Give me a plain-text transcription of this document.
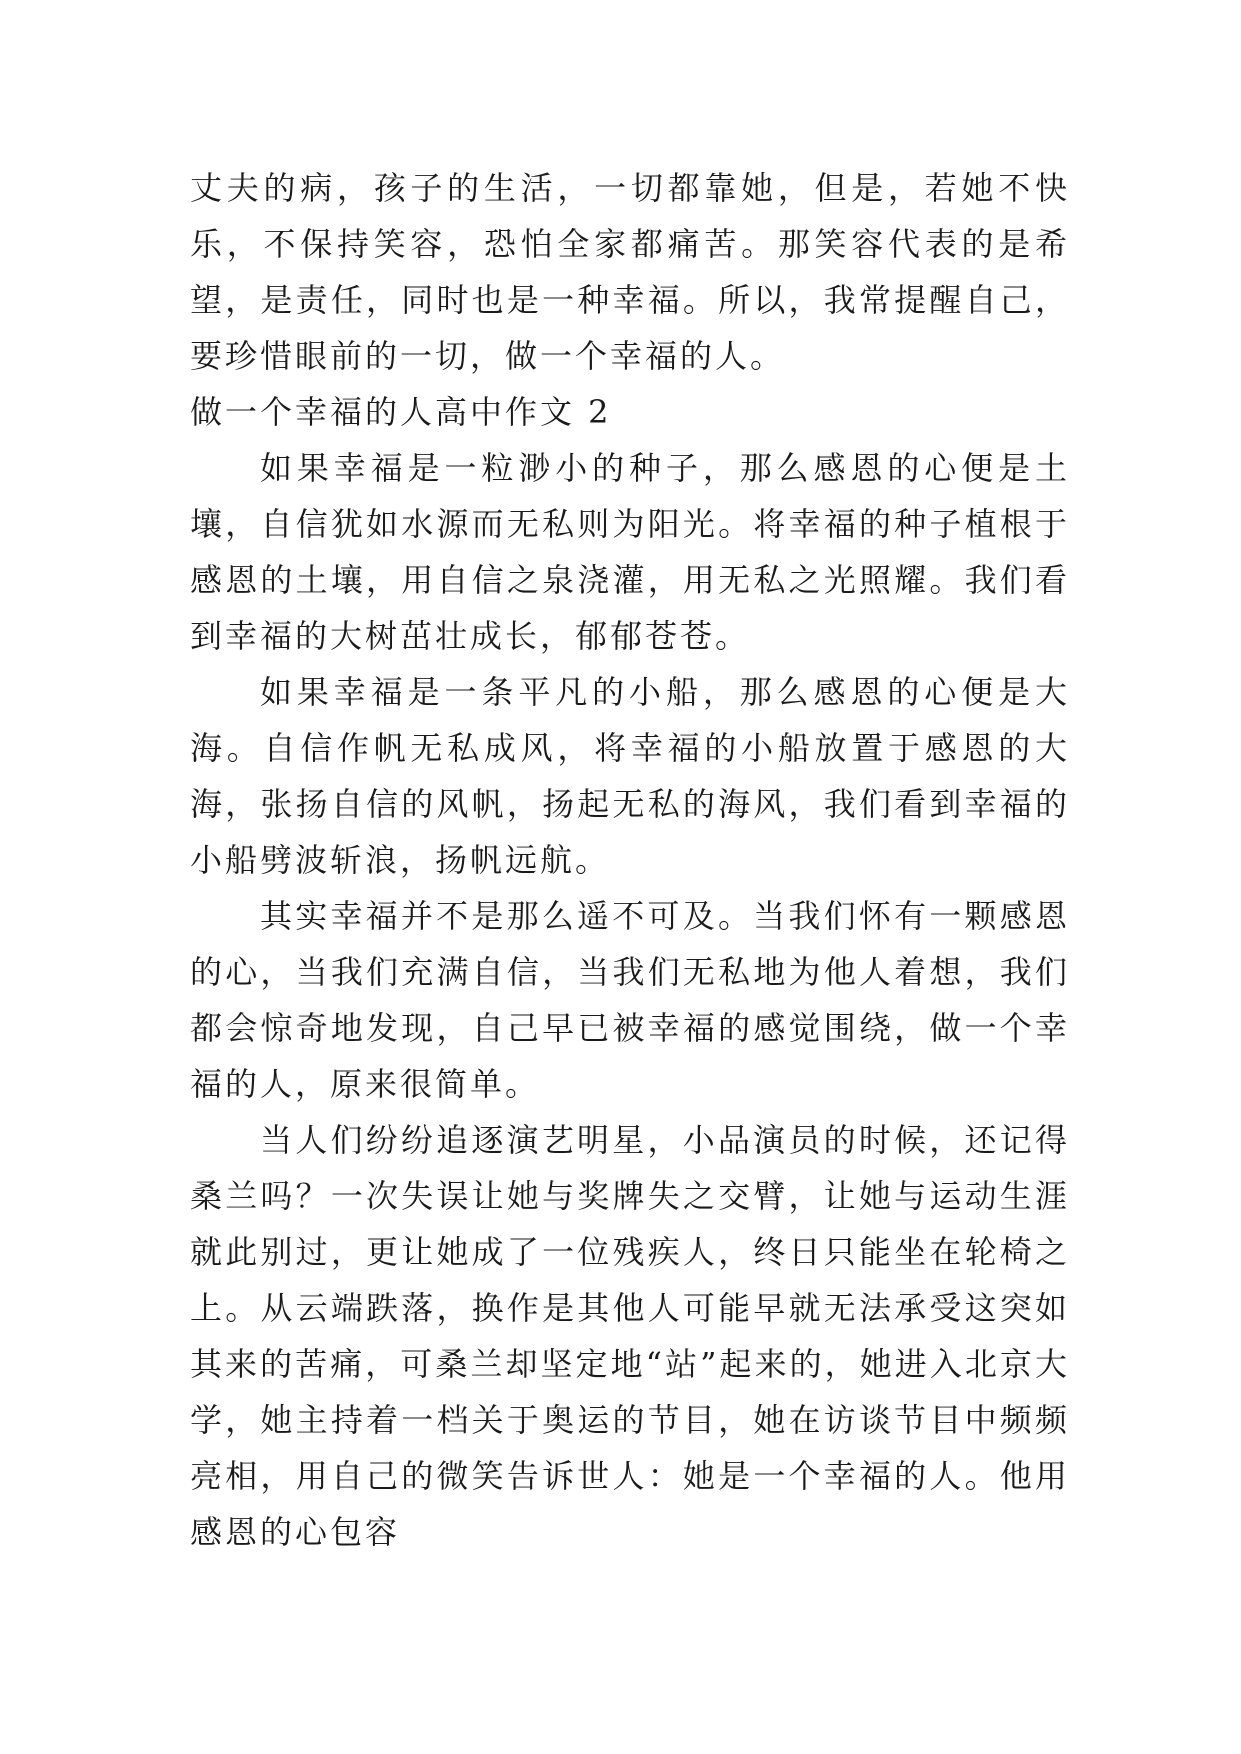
丈夫的病，孩子的生活，一切都靠她，但是，若她不快乐，不保持笑容，恐怕全家都痛苦。那笑容代表的是希望，是责任，同时也是一种幸福。所以，我常提醒自己，要珍惜眼前的一切，做一个幸福的人。

做一个幸福的人高中作文 2

如果幸福是一粒渺小的种子，那么感恩的心便是土壤，自信犹如水源而无私则为阳光。将幸福的种子植根于感恩的土壤，用自信之泉浇灌，用无私之光照耀。我们看到幸福的大树茁壮成长，郁郁苍苍。

如果幸福是一条平凡的小船，那么感恩的心便是大海。自信作帆无私成风，将幸福的小船放置于感恩的大海，张扬自信的风帆，扬起无私的海风，我们看到幸福的小船劈波斩浪，扬帆远航。

其实幸福并不是那么遥不可及。当我们怀有一颗感恩的心，当我们充满自信，当我们无私地为他人着想，我们都会惊奇地发现，自己早已被幸福的感觉围绕，做一个幸福的人，原来很简单。

当人们纷纷追逐演艺明星，小品演员的时候，还记得桑兰吗？一次失误让她与奖牌失之交臂，让她与运动生涯就此别过，更让她成了一位残疾人，终日只能坐在轮椅之上。从云端跌落，换作是其他人可能早就无法承受这突如其来的苦痛，可桑兰却坚定地“站”起来的，她进入北京大学，她主持着一档关于奥运的节目，她在访谈节目中频频亮相，用自己的微笑告诉世人：她是一个幸福的人。他用感恩的心包容
